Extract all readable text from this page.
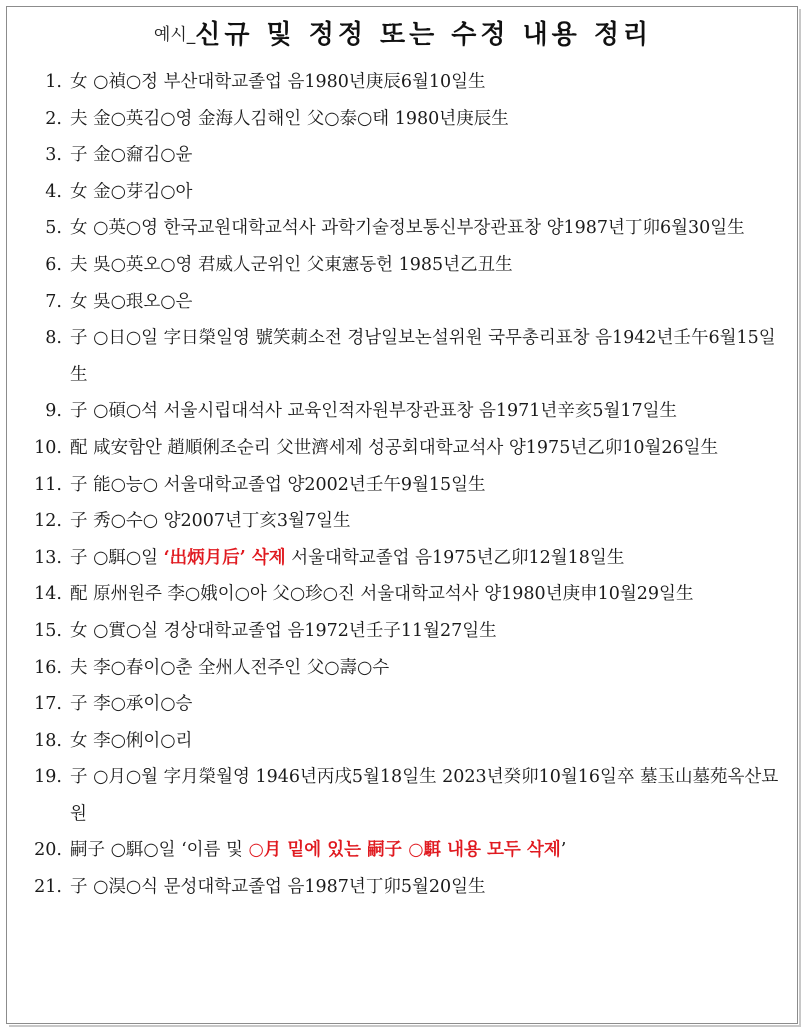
예시_신규 및 정정 또는 수정 내용 정리
1. 女 ○禎○정 부산대학교졸업 음1980년庚辰6월10일生
2. 夫 金○英김○영 金海人김해인 父○泰○태 1980년庚辰生
3. 子 金○奫김○윤
4. 女 金○芽김○아
5. 女 ○英○영 한국교원대학교석사 과학기술정보통신부장관표창 양1987년丁卯6월30일生
6. 夫 吳○英오○영 君威人군위인 父東憲동헌 1985년乙丑生
7. 女 吳○珢오○은
8. 子 ○日○일 字日榮일영 號笑莿소전 경남일보논설위원 국무총리표창 음1942년壬午6월15일生
9. 子 ○碩○석 서울시립대석사 교육인적자원부장관표창 음1971년辛亥5월17일生
10. 配 咸安함안 趙順俐조순리 父世濟세제 성공회대학교석사 양1975년乙卯10월26일生
11. 子 能○능○ 서울대학교졸업 양2002년壬午9월15일生
12. 子 秀○수○ 양2007년丁亥3월7일生
13. 子 ○駬○일 ‘出炳月后’ 삭제 서울대학교졸업 음1975년乙卯12월18일生
14. 配 原州원주 李○娥이○아 父○珍○진 서울대학교석사 양1980년庚申10월29일生
15. 女 ○實○실 경상대학교졸업 음1972년壬子11월27일生
16. 夫 李○春이○춘 全州人전주인 父○壽○수
17. 子 李○承이○승
18. 女 李○俐이○리
19. 子 ○月○월 字月榮월영 1946년丙戌5월18일生 2023년癸卯10월16일卒 墓玉山墓苑옥산묘원
20. 嗣子 ○駬○일 ‘이름 및 ○月 밑에 있는 嗣子 ○駬 내용 모두 삭제’
21. 子 ○淏○식 문성대학교졸업 음1987년丁卯5월20일生
